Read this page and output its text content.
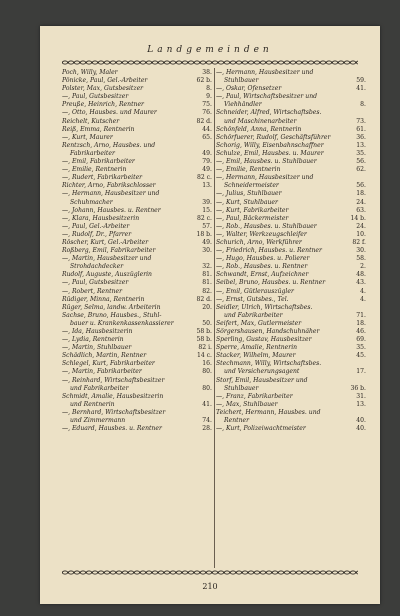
Landgemeinden
Poch, Willy, Maler	38.
Pönicke, Paul, Gel.-Arbeiter	62 b.
Polster, Max, Gutsbesitzer	8.
—, Paul, Gutsbesitzer	9.
Preuße, Heinrich, Rentner	75.
—, Otto, Hausbes. und Maurer	76.
Reichelt, Kutscher	82 d.
Reiß, Emma, Rentnerin	44.
—, Kurt, Maurer	65.
Rentzsch, Arno, Hausbes. und
Fabrikarbeiter	49.
—, Emil, Fabrikarbeiter	79.
—, Emilie, Rentnerin	49.
—, Rudert, Fabrikarbeiter	82 c.
Richter, Arno, Fabrikschlosser	13.
—, Hermann, Hausbesitzer und
Schuhmacher	39.
—, Johann, Hausbes. u. Rentner	15.
—, Klara, Hausbesitzerin	82 c.
—, Paul, Gel.-Arbeiter	57.
—, Rudolf, Dr., Pfarrer	18 b.
Röscher, Kurt, Gel.-Arbeiter	49.
Roßberg, Emil, Fabrikarbeiter	30.
—, Martin, Hausbesitzer und
Strohdachdecker	32.
Rudolf, Auguste, Auszüglerin	81.
—, Paul, Gutsbesitzer	81.
—, Robert, Rentner	82.
Rüdiger, Minna, Rentnerin	82 d.
Rüger, Selma, landw. Arbeiterin	20.
Sachse, Bruno, Hausbes., Stuhl-
bauer u. Krankenkassenkassierer	50.
—, Ida, Hausbesitzerin	58 b.
—, Lydia, Rentnerin	58 b.
—, Martin, Stuhlbauer	82 i.
Schädlich, Martin, Rentner	14 c.
Schlegel, Kurt, Fabrikarbeiter	16.
—, Martin, Fabrikarbeiter	80.
—, Reinhard, Wirtschaftsbesitzer
und Fabrikarbeiter	80.
Schmidt, Amalie, Hausbesitzerin
und Rentnerin	41.
—, Bernhard, Wirtschaftsbesitzer
und Zimmermann	74.
—, Eduard, Hausbes. u. Rentner	28.
—, Hermann, Hausbesitzer und
Stuhlbauer	59.
—, Oskar, Ofensetzer	41.
—, Paul, Wirtschaftsbesitzer und
Viehhändler	8.
Schneider, Alfred, Wirtschaftsbes.
und Maschinenarbeiter	73.
Schönfeld, Anna, Rentnerin	61.
Schörfuerer, Rudolf, Geschäftsführer	36.
Schorig, Willy, Eisenbahnschaffner	13.
Schulze, Emil, Hausbes. u. Maurer	35.
—, Emil, Hausbes. u. Stuhlbauer	56.
—, Emilie, Rentnerin	62.
—, Hermann, Hausbesitzer und
Schneidermeister	56.
—, Julius, Stuhlbauer	18.
—, Kurt, Stuhlbauer	24.
—, Kurt, Fabrikarbeiter	63.
—, Paul, Bäckermeister	14 b.
—, Rob., Hausbes. u. Stuhlbauer	24.
—, Walter, Werkzeugschleifer	10.
Schurich, Arno, Werkführer	82 f.
—, Friedrich, Hausbes. u. Rentner	30.
—, Hugo, Hausbes. u. Polierer	58.
—, Rob., Hausbes. u. Rentner	2.
Schwandt, Ernst, Aufzeichner	48.
Seibel, Bruno, Hausbes. u. Rentner	43.
—, Emil, Gütlerauszügler	4.
—, Ernst, Gutsbes., Tel.	4.
Seidler, Ulrich, Wirtschaftsbes.
und Fabrikarbeiter	71.
Seifert, Max, Gutlermeister	18.
Sörgershausen, Handschuhnäher	46.
Sperling, Gustav, Hausbesitzer	69.
Sperre, Amalie, Rentnerin	35.
Stacker, Wilhelm, Maurer	45.
Stechmann, Willy, Wirtschaftsbes.
und Versicherungsagent	17.
Storf, Emil, Hausbesitzer und
Stuhlbauer	36 b.
—, Franz, Fabrikarbeiter	31.
—, Max, Stuhlbauer	13.
Teichert, Hermann, Hausbes. und
Rentner	40.
—, Kurt, Polizeiwachtmeister	40.
210
